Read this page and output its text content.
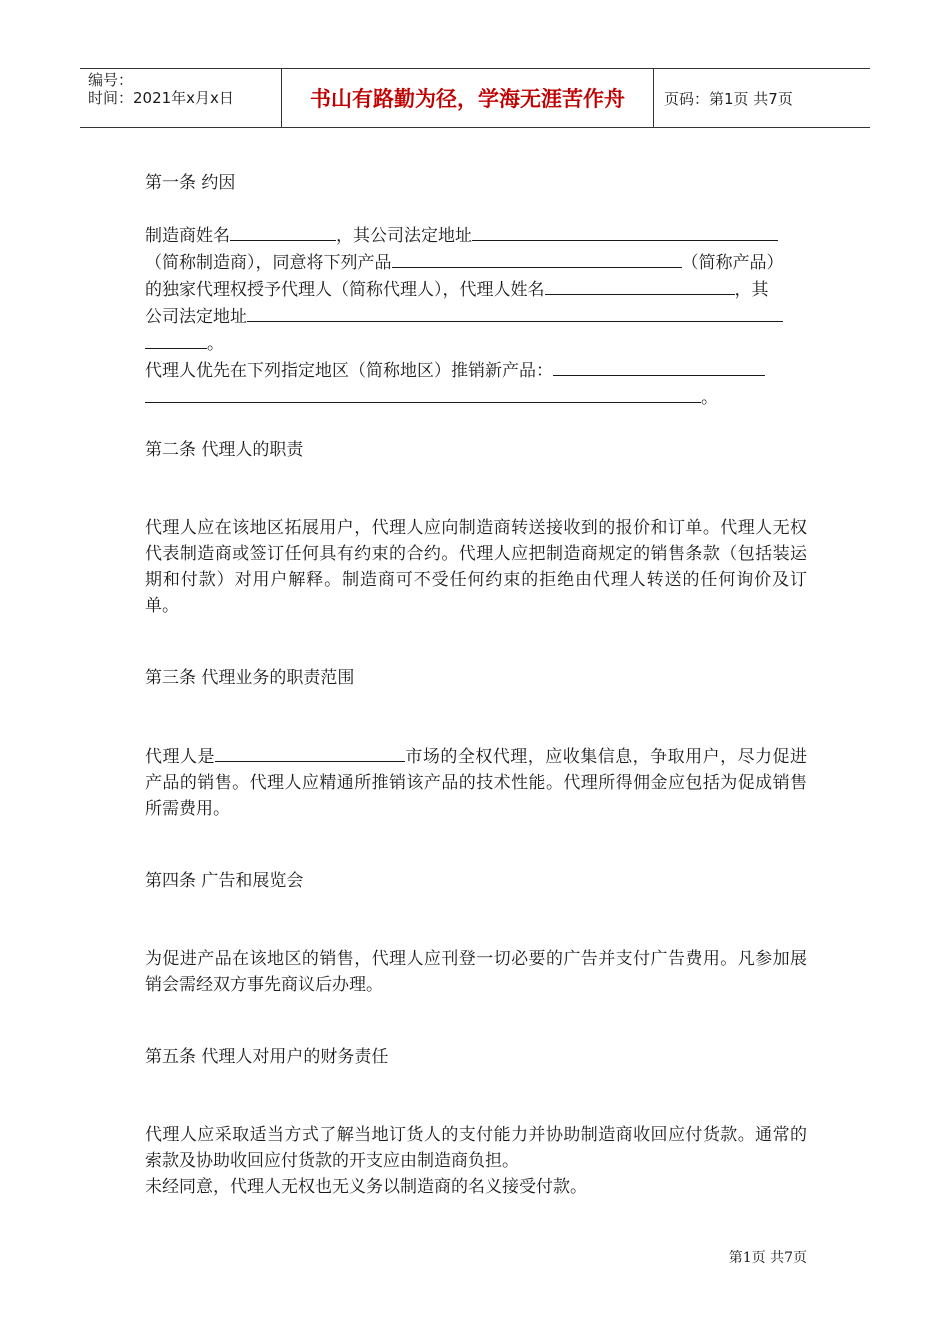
编号：
时间：2021年x月x日	书山有路勤为径，学海无涯苦作舟	页码：第1页 共7页

第一条 约因

制造商姓名	，其公司法定地址
（简称制造商），同意将下列产品	（简称产品）
的独家代理权授予代理人（简称代理人），代理人姓名	，其
公司法定地址
。
代理人优先在下列指定地区（简称地区）推销新产品：
。

第二条 代理人的职责

代理人应在该地区拓展用户，代理人应向制造商转送接收到的报价和订单。代理人无权代表制造商或签订任何具有约束的合约。代理人应把制造商规定的销售条款（包括装运期和付款）对用户解释。制造商可不受任何约束的拒绝由代理人转送的任何询价及订单。

第三条 代理业务的职责范围

代理人是	市场的全权代理，应收集信息，争取用户，尽力促进产品的销售。代理人应精通所推销该产品的技术性能。代理所得佣金应包括为促成销售所需费用。

第四条 广告和展览会

为促进产品在该地区的销售，代理人应刊登一切必要的广告并支付广告费用。凡参加展销会需经双方事先商议后办理。

第五条 代理人对用户的财务责任

代理人应采取适当方式了解当地订货人的支付能力并协助制造商收回应付货款。通常的索款及协助收回应付货款的开支应由制造商负担。

未经同意，代理人无权也无义务以制造商的名义接受付款。

第1页 共7页
